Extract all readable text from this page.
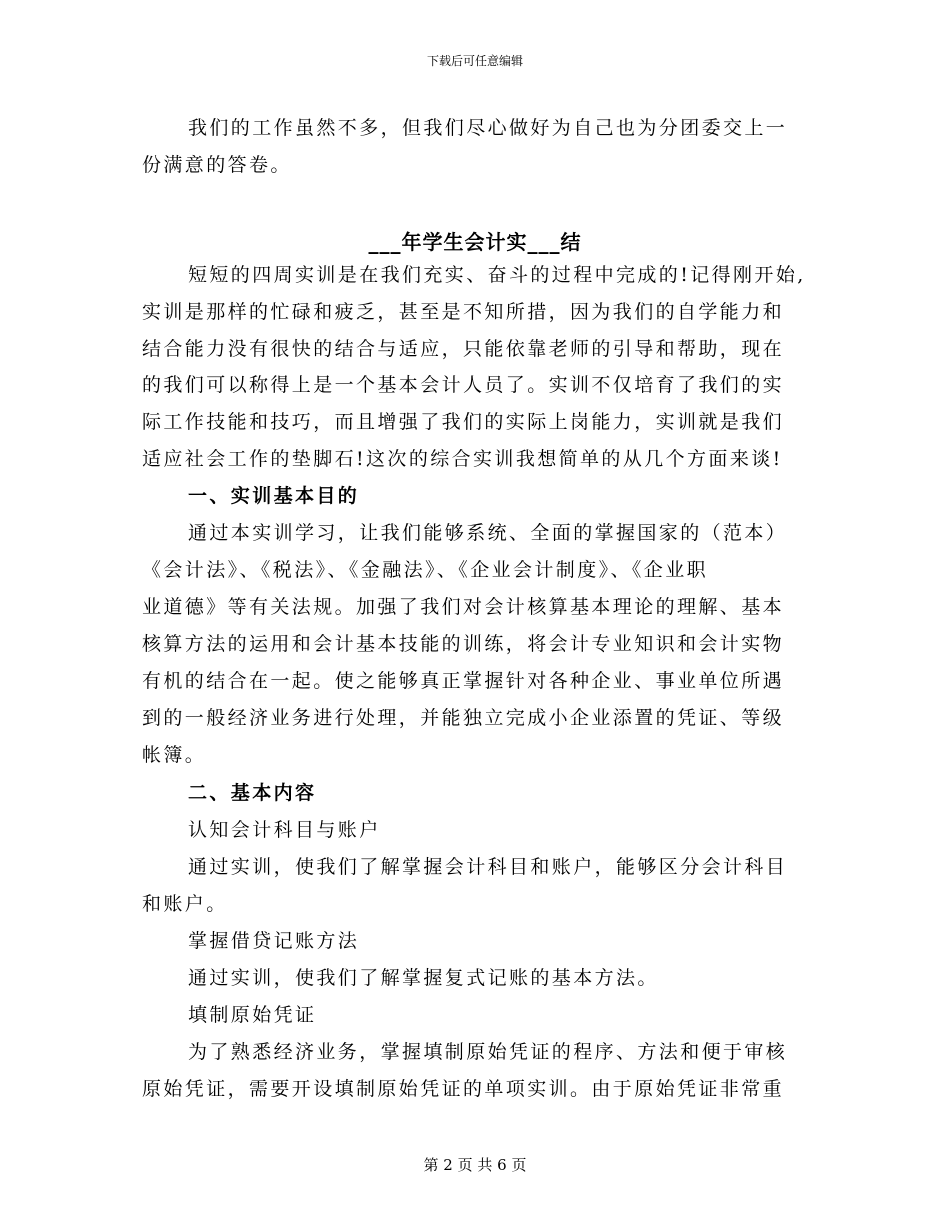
下载后可任意编辑
我们的工作虽然不多，但我们尽心做好为自己也为分团委交上一
份满意的答卷。
___年学生会计实___结
短短的四周实训是在我们充实、奋斗的过程中完成的!记得刚开始,
实训是那样的忙碌和疲乏，甚至是不知所措，因为我们的自学能力和
结合能力没有很快的结合与适应，只能依靠老师的引导和帮助，现在
的我们可以称得上是一个基本会计人员了。实训不仅培育了我们的实
际工作技能和技巧，而且增强了我们的实际上岗能力，实训就是我们
适应社会工作的垫脚石!这次的综合实训我想简单的从几个方面来谈!
一、实训基本目的
通过本实训学习，让我们能够系统、全面的掌握国家的（范本）
《会计法》、《税法》、《金融法》、《企业会计制度》、《企业职
业道德》等有关法规。加强了我们对会计核算基本理论的理解、基本
核算方法的运用和会计基本技能的训练，将会计专业知识和会计实物
有机的结合在一起。使之能够真正掌握针对各种企业、事业单位所遇
到的一般经济业务进行处理，并能独立完成小企业添置的凭证、等级
帐簿。
二、基本内容
认知会计科目与账户
通过实训，使我们了解掌握会计科目和账户，能够区分会计科目
和账户。
掌握借贷记账方法
通过实训，使我们了解掌握复式记账的基本方法。
填制原始凭证
为了熟悉经济业务，掌握填制原始凭证的程序、方法和便于审核
原始凭证，需要开设填制原始凭证的单项实训。由于原始凭证非常重
第 2 页 共 6 页
